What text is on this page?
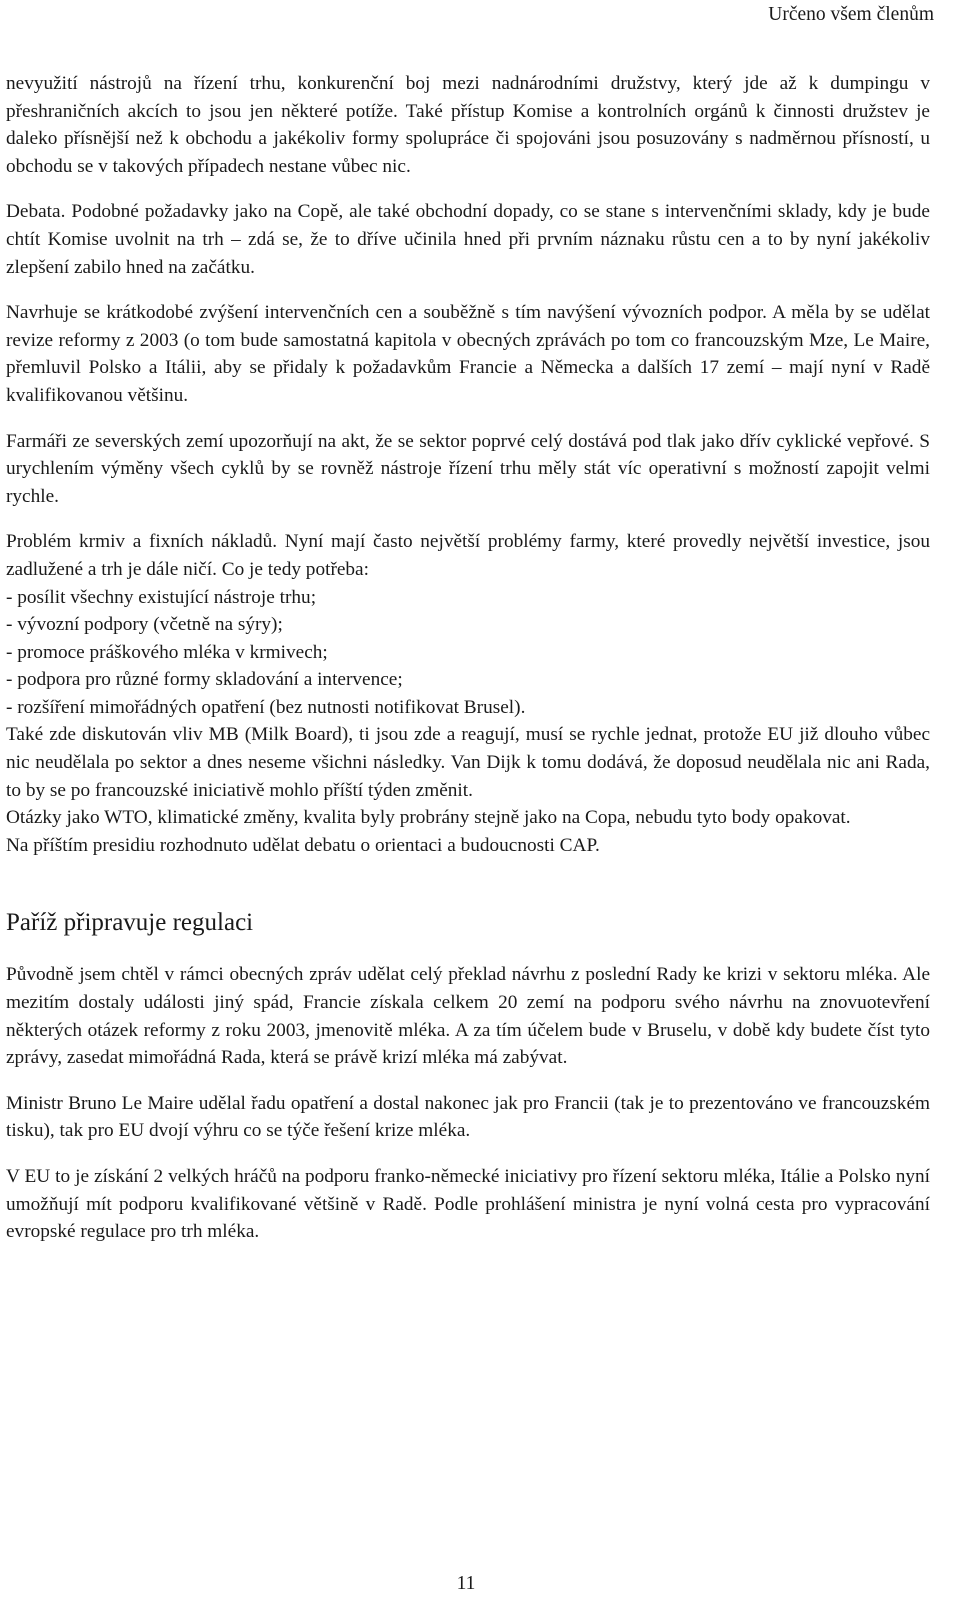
Určeno všem členům

nevyužití nástrojů na řízení trhu, konkurenční boj mezi nadnárodními družstvy, který jde až k dumpingu v přeshraničních akcích to jsou jen některé potíže. Také přístup Komise a kontrolních orgánů k činnosti družstev je daleko přísnější než k obchodu a jakékoliv formy spolupráce či spojováni jsou posuzovány s nadměrnou přísností, u obchodu se v takových případech nestane vůbec nic.

Debata. Podobné požadavky jako na Copě, ale také obchodní dopady, co se stane s intervenčními sklady, kdy je bude chtít Komise uvolnit na trh – zdá se, že to dříve učinila hned při prvním náznaku růstu cen a to by nyní jakékoliv zlepšení zabilo hned na začátku.

Navrhuje se krátkodobé zvýšení intervenčních cen a souběžně s tím navýšení vývozních podpor. A měla by se udělat revize reformy z 2003 (o tom bude samostatná kapitola v obecných zprávách po tom co francouzským Mze, Le Maire, přemluvil Polsko a Itálii, aby se přidaly k požadavkům Francie a Německa a dalších 17 zemí – mají nyní v Radě kvalifikovanou většinu.

Farmáři ze severských zemí upozorňují na akt, že se sektor poprvé celý dostává pod tlak jako dřív cyklické vepřové. S urychlením výměny všech cyklů by se rovněž nástroje řízení trhu měly stát víc operativní s možností zapojit velmi rychle.

Problém krmiv a fixních nákladů. Nyní mají často největší problémy farmy, které provedly největší investice, jsou zadlužené a trh je dále ničí. Co je tedy potřeba:

- posílit všechny existující nástroje trhu;

- vývozní podpory (včetně na sýry);

- promoce práškového mléka v krmivech;

- podpora pro různé formy skladování a intervence;

- rozšíření mimořádných opatření (bez nutnosti notifikovat Brusel).

Také zde diskutován vliv MB (Milk Board), ti jsou zde a reagují, musí se rychle jednat, protože EU již dlouho vůbec nic neudělala po sektor a dnes neseme všichni následky. Van Dijk k tomu dodává, že doposud neudělala nic ani Rada, to by se po francouzské iniciativě mohlo příští týden změnit.

Otázky jako WTO, klimatické změny, kvalita byly probrány stejně jako na Copa, nebudu tyto body opakovat.

Na příštím presidiu rozhodnuto udělat debatu o orientaci a budoucnosti CAP.

Paříž připravuje regulaci

Původně jsem chtěl v rámci obecných zpráv udělat celý překlad návrhu z poslední Rady ke krizi v sektoru mléka. Ale mezitím dostaly události jiný spád, Francie získala celkem 20 zemí na podporu svého návrhu na znovuotevření některých otázek reformy z roku 2003, jmenovitě mléka. A za tím účelem bude v Bruselu, v době kdy budete číst tyto zprávy, zasedat mimořádná Rada, která se právě krizí mléka má zabývat.

Ministr Bruno Le Maire udělal řadu opatření a dostal nakonec jak pro Francii (tak je to prezentováno ve francouzském tisku), tak pro EU dvojí výhru co se týče řešení krize mléka.

V EU to je získání 2 velkých hráčů na podporu franko-německé iniciativy pro řízení sektoru mléka, Itálie a Polsko nyní umožňují mít podporu kvalifikované většině v Radě. Podle prohlášení ministra je nyní volná cesta pro vypracování evropské regulace pro trh mléka.

11
